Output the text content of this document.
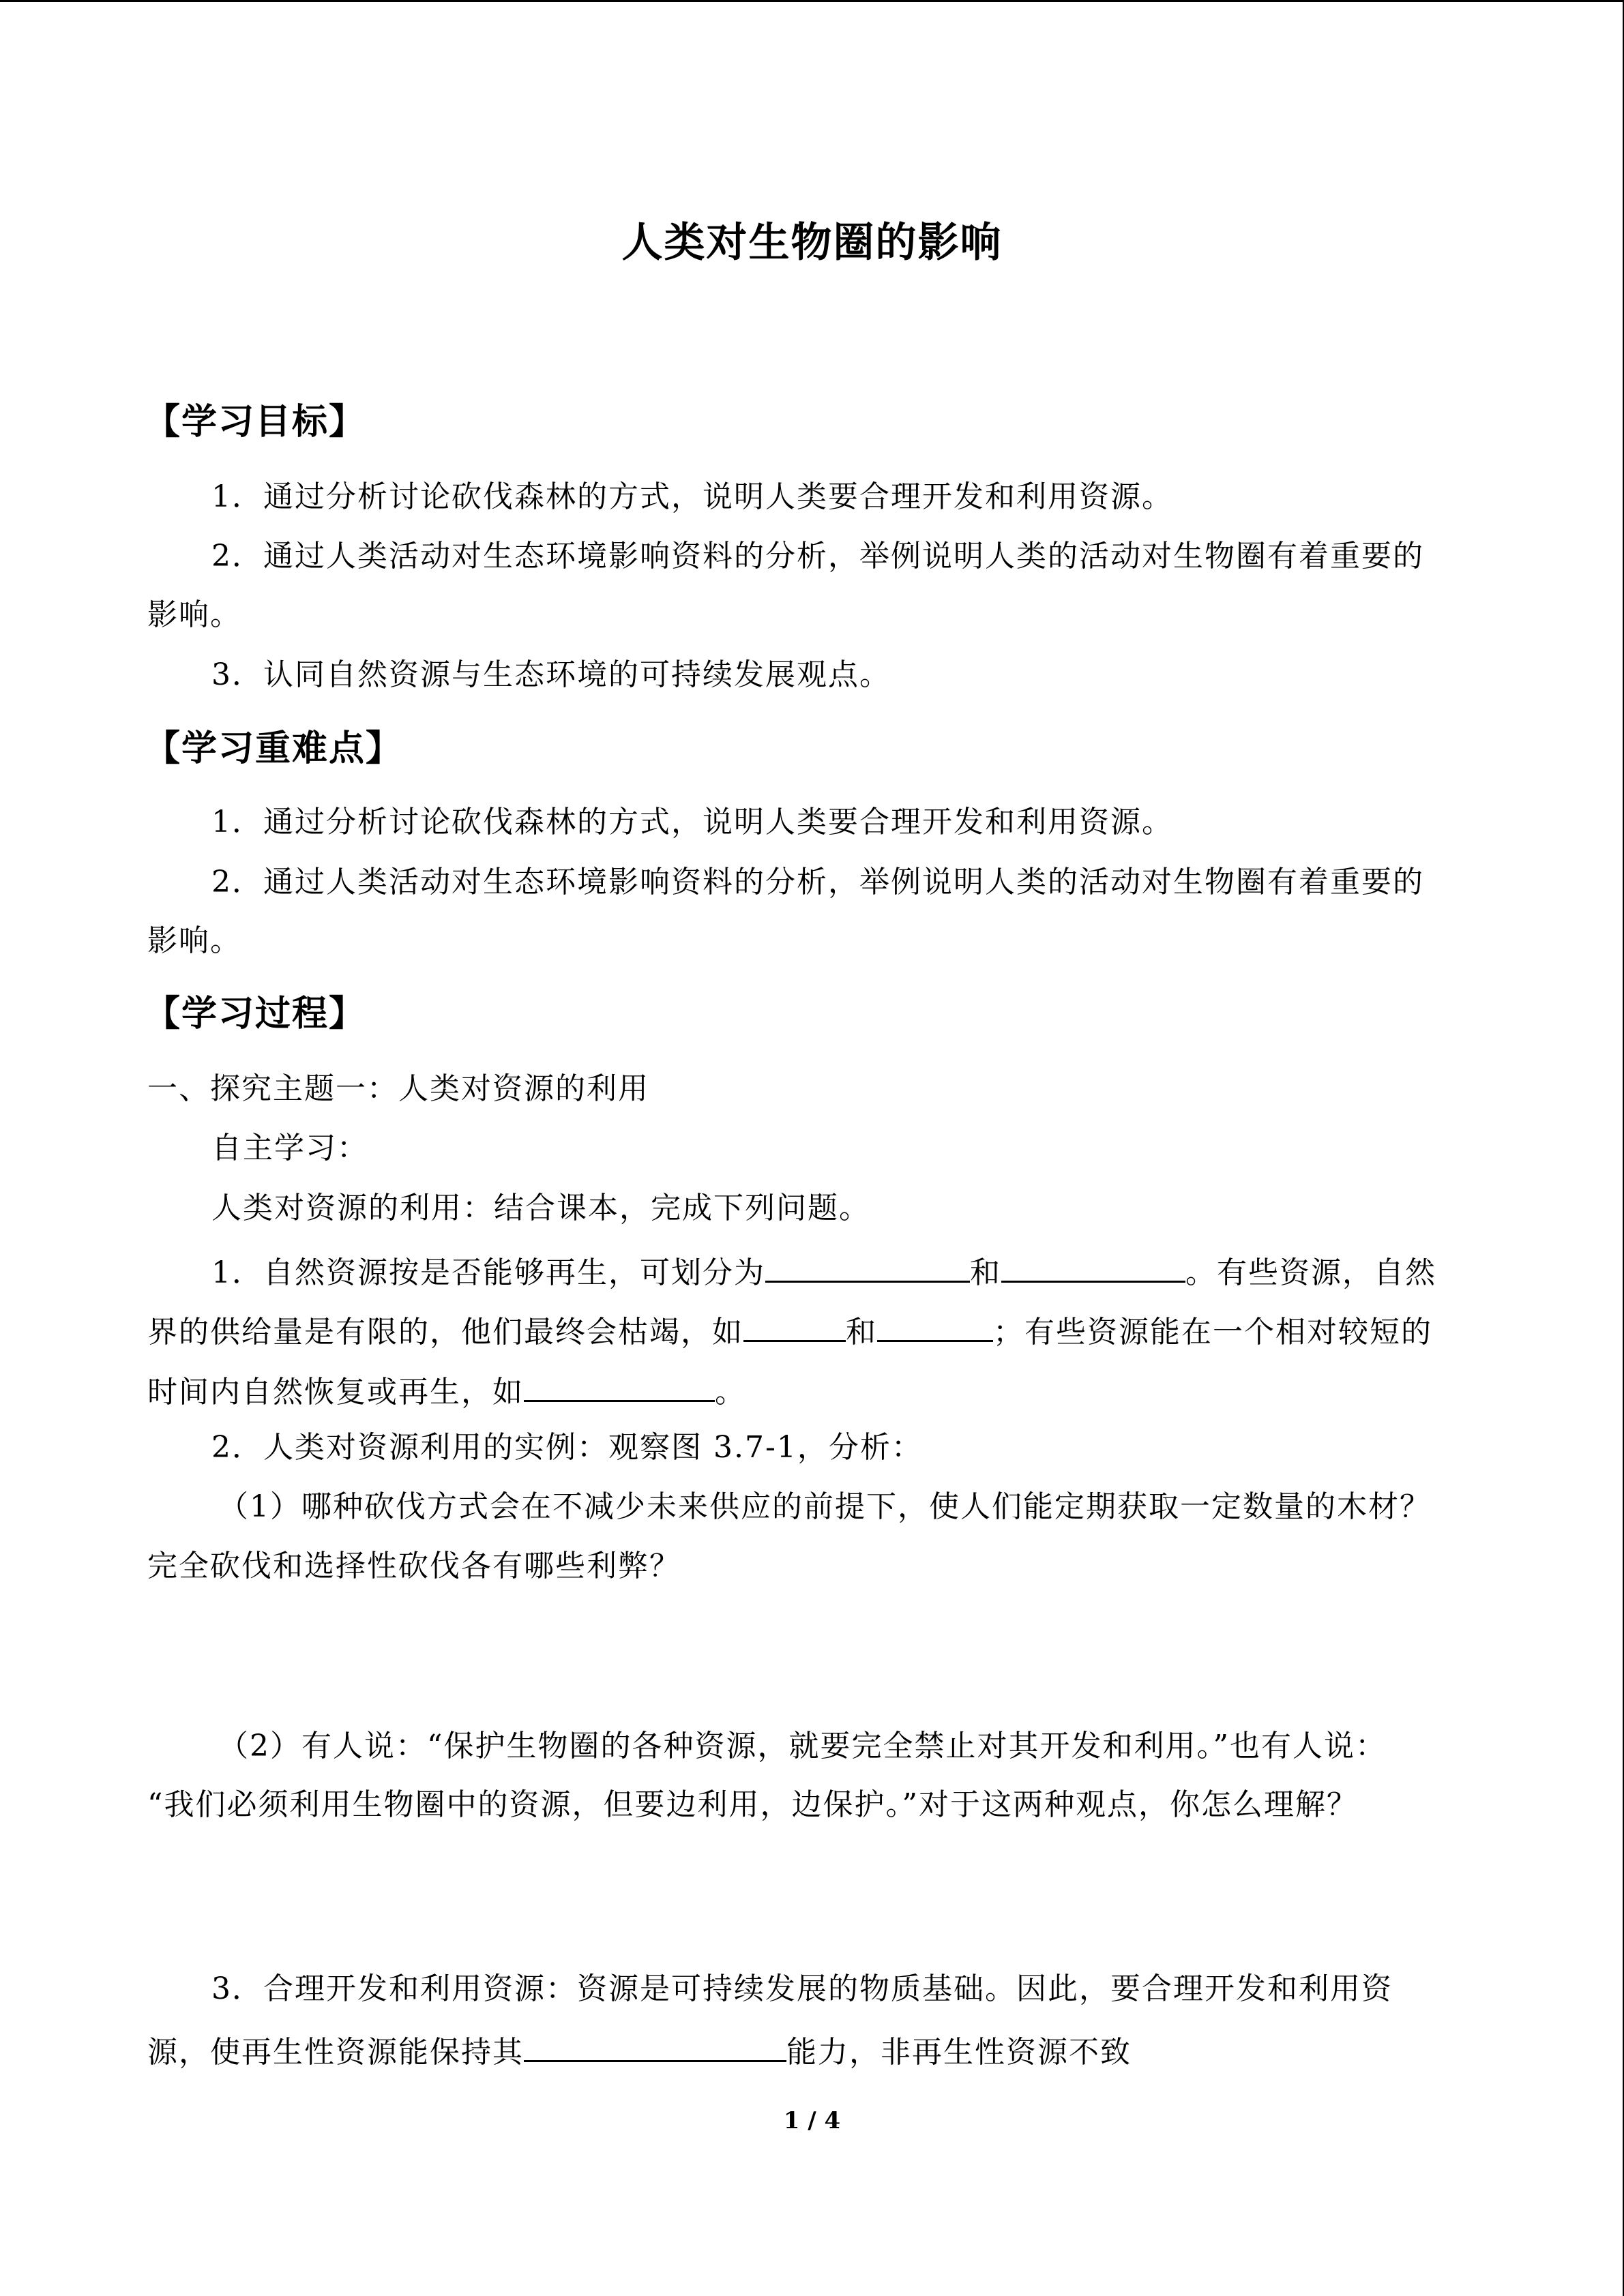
人类对生物圈的影响
【学习目标】
1．通过分析讨论砍伐森林的方式，说明人类要合理开发和利用资源。
2．通过人类活动对生态环境影响资料的分析，举例说明人类的活动对生物圈有着重要的
影响。
3．认同自然资源与生态环境的可持续发展观点。
【学习重难点】
1．通过分析讨论砍伐森林的方式，说明人类要合理开发和利用资源。
2．通过人类活动对生态环境影响资料的分析，举例说明人类的活动对生物圈有着重要的
影响。
【学习过程】
一、探究主题一：人类对资源的利用
自主学习：
人类对资源的利用：结合课本，完成下列问题。
1．自然资源按是否能够再生，可划分为	和	。有些资源，自然
界的供给量是有限的，他们最终会枯竭，如	和	；有些资源能在一个相对较短的
时间内自然恢复或再生，如	。
2．人类对资源利用的实例：观察图 3.7-1，分析：
（1）哪种砍伐方式会在不减少未来供应的前提下，使人们能定期获取一定数量的木材？
完全砍伐和选择性砍伐各有哪些利弊？
（2）有人说：“保护生物圈的各种资源，就要完全禁止对其开发和利用。”也有人说：
“我们必须利用生物圈中的资源，但要边利用，边保护。”对于这两种观点，你怎么理解？
3．合理开发和利用资源：资源是可持续发展的物质基础。因此，要合理开发和利用资
源，使再生性资源能保持其	能力，非再生性资源不致
1 / 4
